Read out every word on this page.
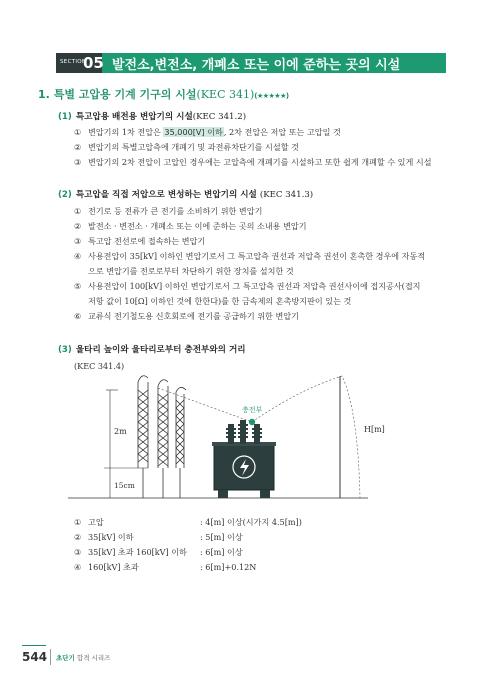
SECTION
05 발전소,변전소, 개폐소 또는 이에 준하는 곳의 시설
1. 특별 고압용 기계 기구의 시설(KEC 341)(★★★★★)
(1) 특고압용 배전용 변압기의 시설(KEC 341.2)
① 변압기의 1차 전압은 35,000[V] 이하, 2차 전압은 저압 또는 고압일 것
② 변압기의 특별고압측에 개폐기 및 과전류차단기를 시설할 것
③ 변압기의 2차 전압이 고압인 경우에는 고압측에 개폐기를 시설하고 또한 쉽게 개폐할 수 있게 시설
(2) 특고압을 직접 저압으로 변성하는 변압기의 시설 (KEC 341.3)
① 전기로 등 전류가 큰 전기를 소비하기 위한 변압기
② 발전소 · 변전소 · 개폐소 또는 이에 준하는 곳의 소내용 변압기
③ 특고압 전선로에 접속하는 변압기
④ 사용전압이 35[kV] 이하인 변압기로서 그 특고압측 권선과 저압측 권선이 혼촉한 경우에 자동적
으로 변압기를 전로로부터 차단하기 위한 장치를 설치한 것
⑤ 사용전압이 100[kV] 이하인 변압기로서 그 특고압측 권선과 저압측 권선사이에 접지공사(접지
저항 값이 10[Ω] 이하인 것에 한한다)를 한 금속제의 혼촉방지판이 있는 것
⑥ 교류식 전기철도용 신호회로에 전기를 공급하기 위한 변압기
(3) 울타리 높이와 울타리로부터 충전부와의 거리
(KEC 341.4)
2m
15cm
충전부
H[m]
① 고압	: 4[m] 이상(시가지 4.5[m])
② 35[kV] 이하	: 5[m] 이상
③ 35[kV] 초과 160[kV] 이하 : 6[m] 이상
④ 160[kV] 초과	: 6[m]+0.12N
544 초단기 합격 시리즈
